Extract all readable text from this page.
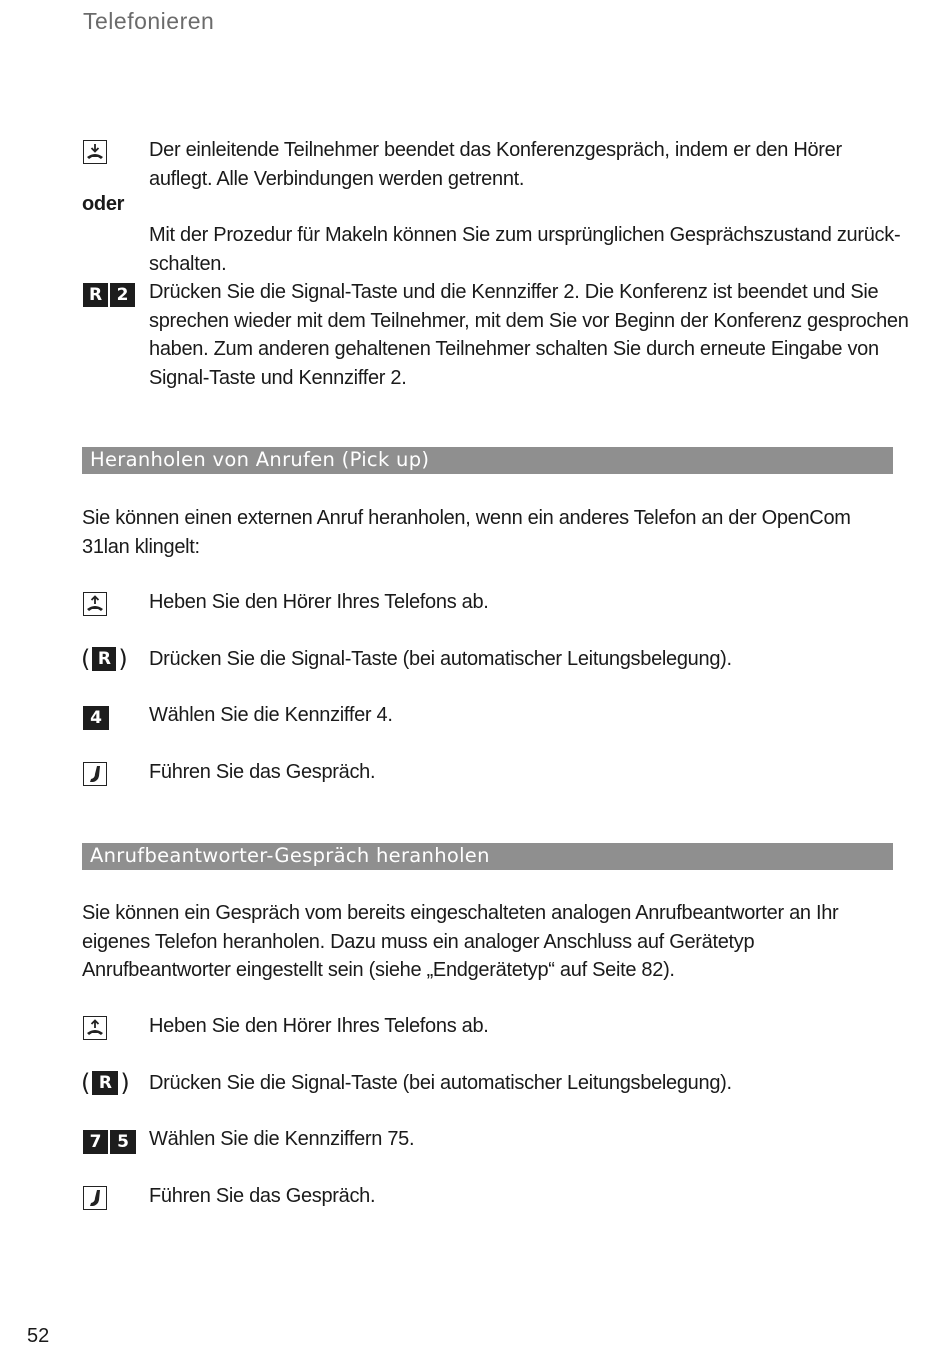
Telefonieren
Der einleitende Teilnehmer beendet das Konferenzgespräch, indem er den Hörer auflegt. Alle Verbindungen werden getrennt.
oder
Mit der Prozedur für Makeln können Sie zum ursprünglichen Gesprächszustand zurückschalten.
R 2	Drücken Sie die Signal-Taste und die Kennziffer 2. Die Konferenz ist beendet und Sie sprechen wieder mit dem Teilnehmer, mit dem Sie vor Beginn der Konferenz gesprochen haben. Zum anderen gehaltenen Teilnehmer schalten Sie durch erneute Eingabe von Signal-Taste und Kennziffer 2.
Heranholen von Anrufen (Pick up)
Sie können einen externen Anruf heranholen, wenn ein anderes Telefon an der OpenCom 31lan klingelt:
Heben Sie den Hörer Ihres Telefons ab.
( R ) Drücken Sie die Signal-Taste (bei automatischer Leitungsbelegung).
4	Wählen Sie die Kennziffer 4.
Führen Sie das Gespräch.
Anrufbeantworter-Gespräch heranholen
Sie können ein Gespräch vom bereits eingeschalteten analogen Anrufbeantworter an Ihr eigenes Telefon heranholen. Dazu muss ein analoger Anschluss auf Gerätetyp Anrufbeantworter eingestellt sein (siehe „Endgerätetyp“ auf Seite 82).
Heben Sie den Hörer Ihres Telefons ab.
( R ) Drücken Sie die Signal-Taste (bei automatischer Leitungsbelegung).
7 5	Wählen Sie die Kennziffern 75.
Führen Sie das Gespräch.
52
